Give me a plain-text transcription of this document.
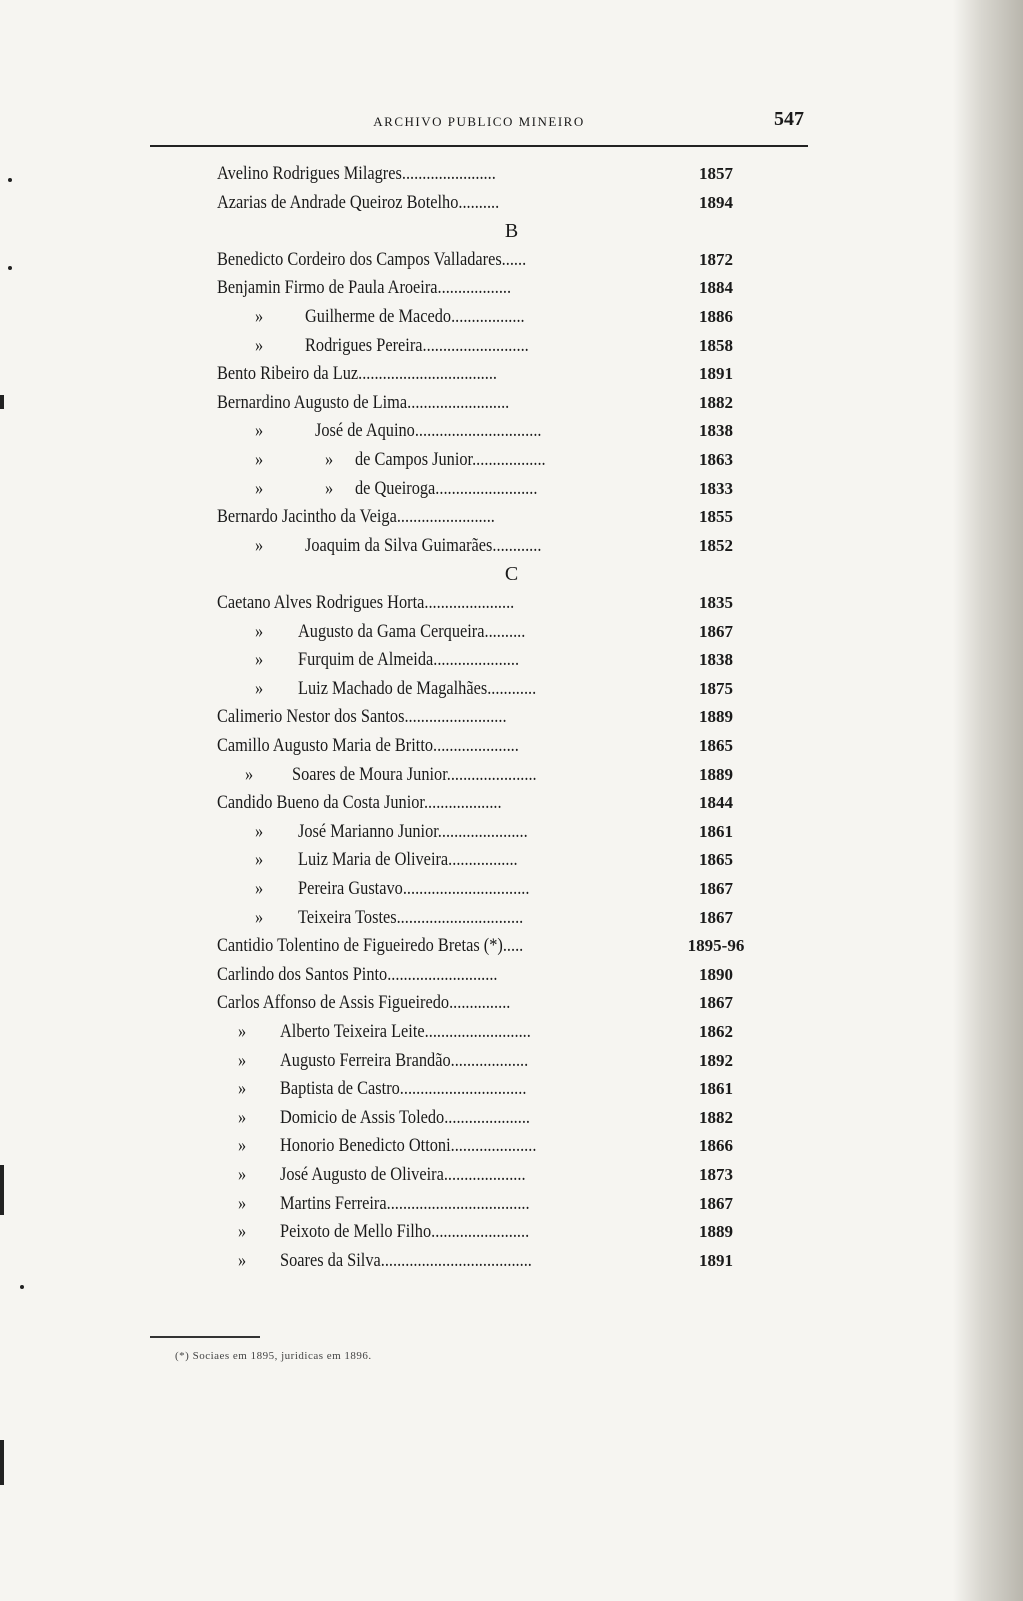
ARCHIVO PUBLICO MINEIRO	547
Avelino Rodrigues Milagres.......................	1857
Azarias de Andrade Queiroz Botelho..........	1894
B
Benedicto Cordeiro dos Campos Valladares......	1872
Benjamin Firmo de Paula Aroeira..................	1884
» Guilherme de Macedo..................	1886
» Rodrigues Pereira..........................	1858
Bento Ribeiro da Luz..................................	1891
Bernardino Augusto de Lima.........................	1882
»	José de Aquino...............................	1838
»	» de Campos Junior..................	1863
»	» de Queiroga.........................	1833
Bernardo Jacintho da Veiga........................	1855
» Joaquim da Silva Guimarães............	1852
C
Caetano Alves Rodrigues Horta......................	1835
» Augusto da Gama Cerqueira..........	1867
» Furquim de Almeida.....................	1838
» Luiz Machado de Magalhães............	1875
Calimerio Nestor dos Santos.........................	1889
Camillo Augusto Maria de Britto.....................	1865
» Soares de Moura Junior......................	1889
Candido Bueno da Costa Junior...................	1844
» José Marianno Junior......................	1861
» Luiz Maria de Oliveira.................	1865
» Pereira Gustavo...............................	1867
» Teixeira Tostes...............................	1867
Cantidio Tolentino de Figueiredo Bretas (*).....	1895-96
Carlindo dos Santos Pinto...........................	1890
Carlos Affonso de Assis Figueiredo...............	1867
» Alberto Teixeira Leite..........................	1862
» Augusto Ferreira Brandão...................	1892
» Baptista de Castro...............................	1861
» Domicio de Assis Toledo.....................	1882
» Honorio Benedicto Ottoni.....................	1866
» José Augusto de Oliveira....................	1873
» Martins Ferreira...................................	1867
» Peixoto de Mello Filho........................	1889
» Soares da Silva.....................................	1891
(*) Sociaes em 1895, juridicas em 1896.
